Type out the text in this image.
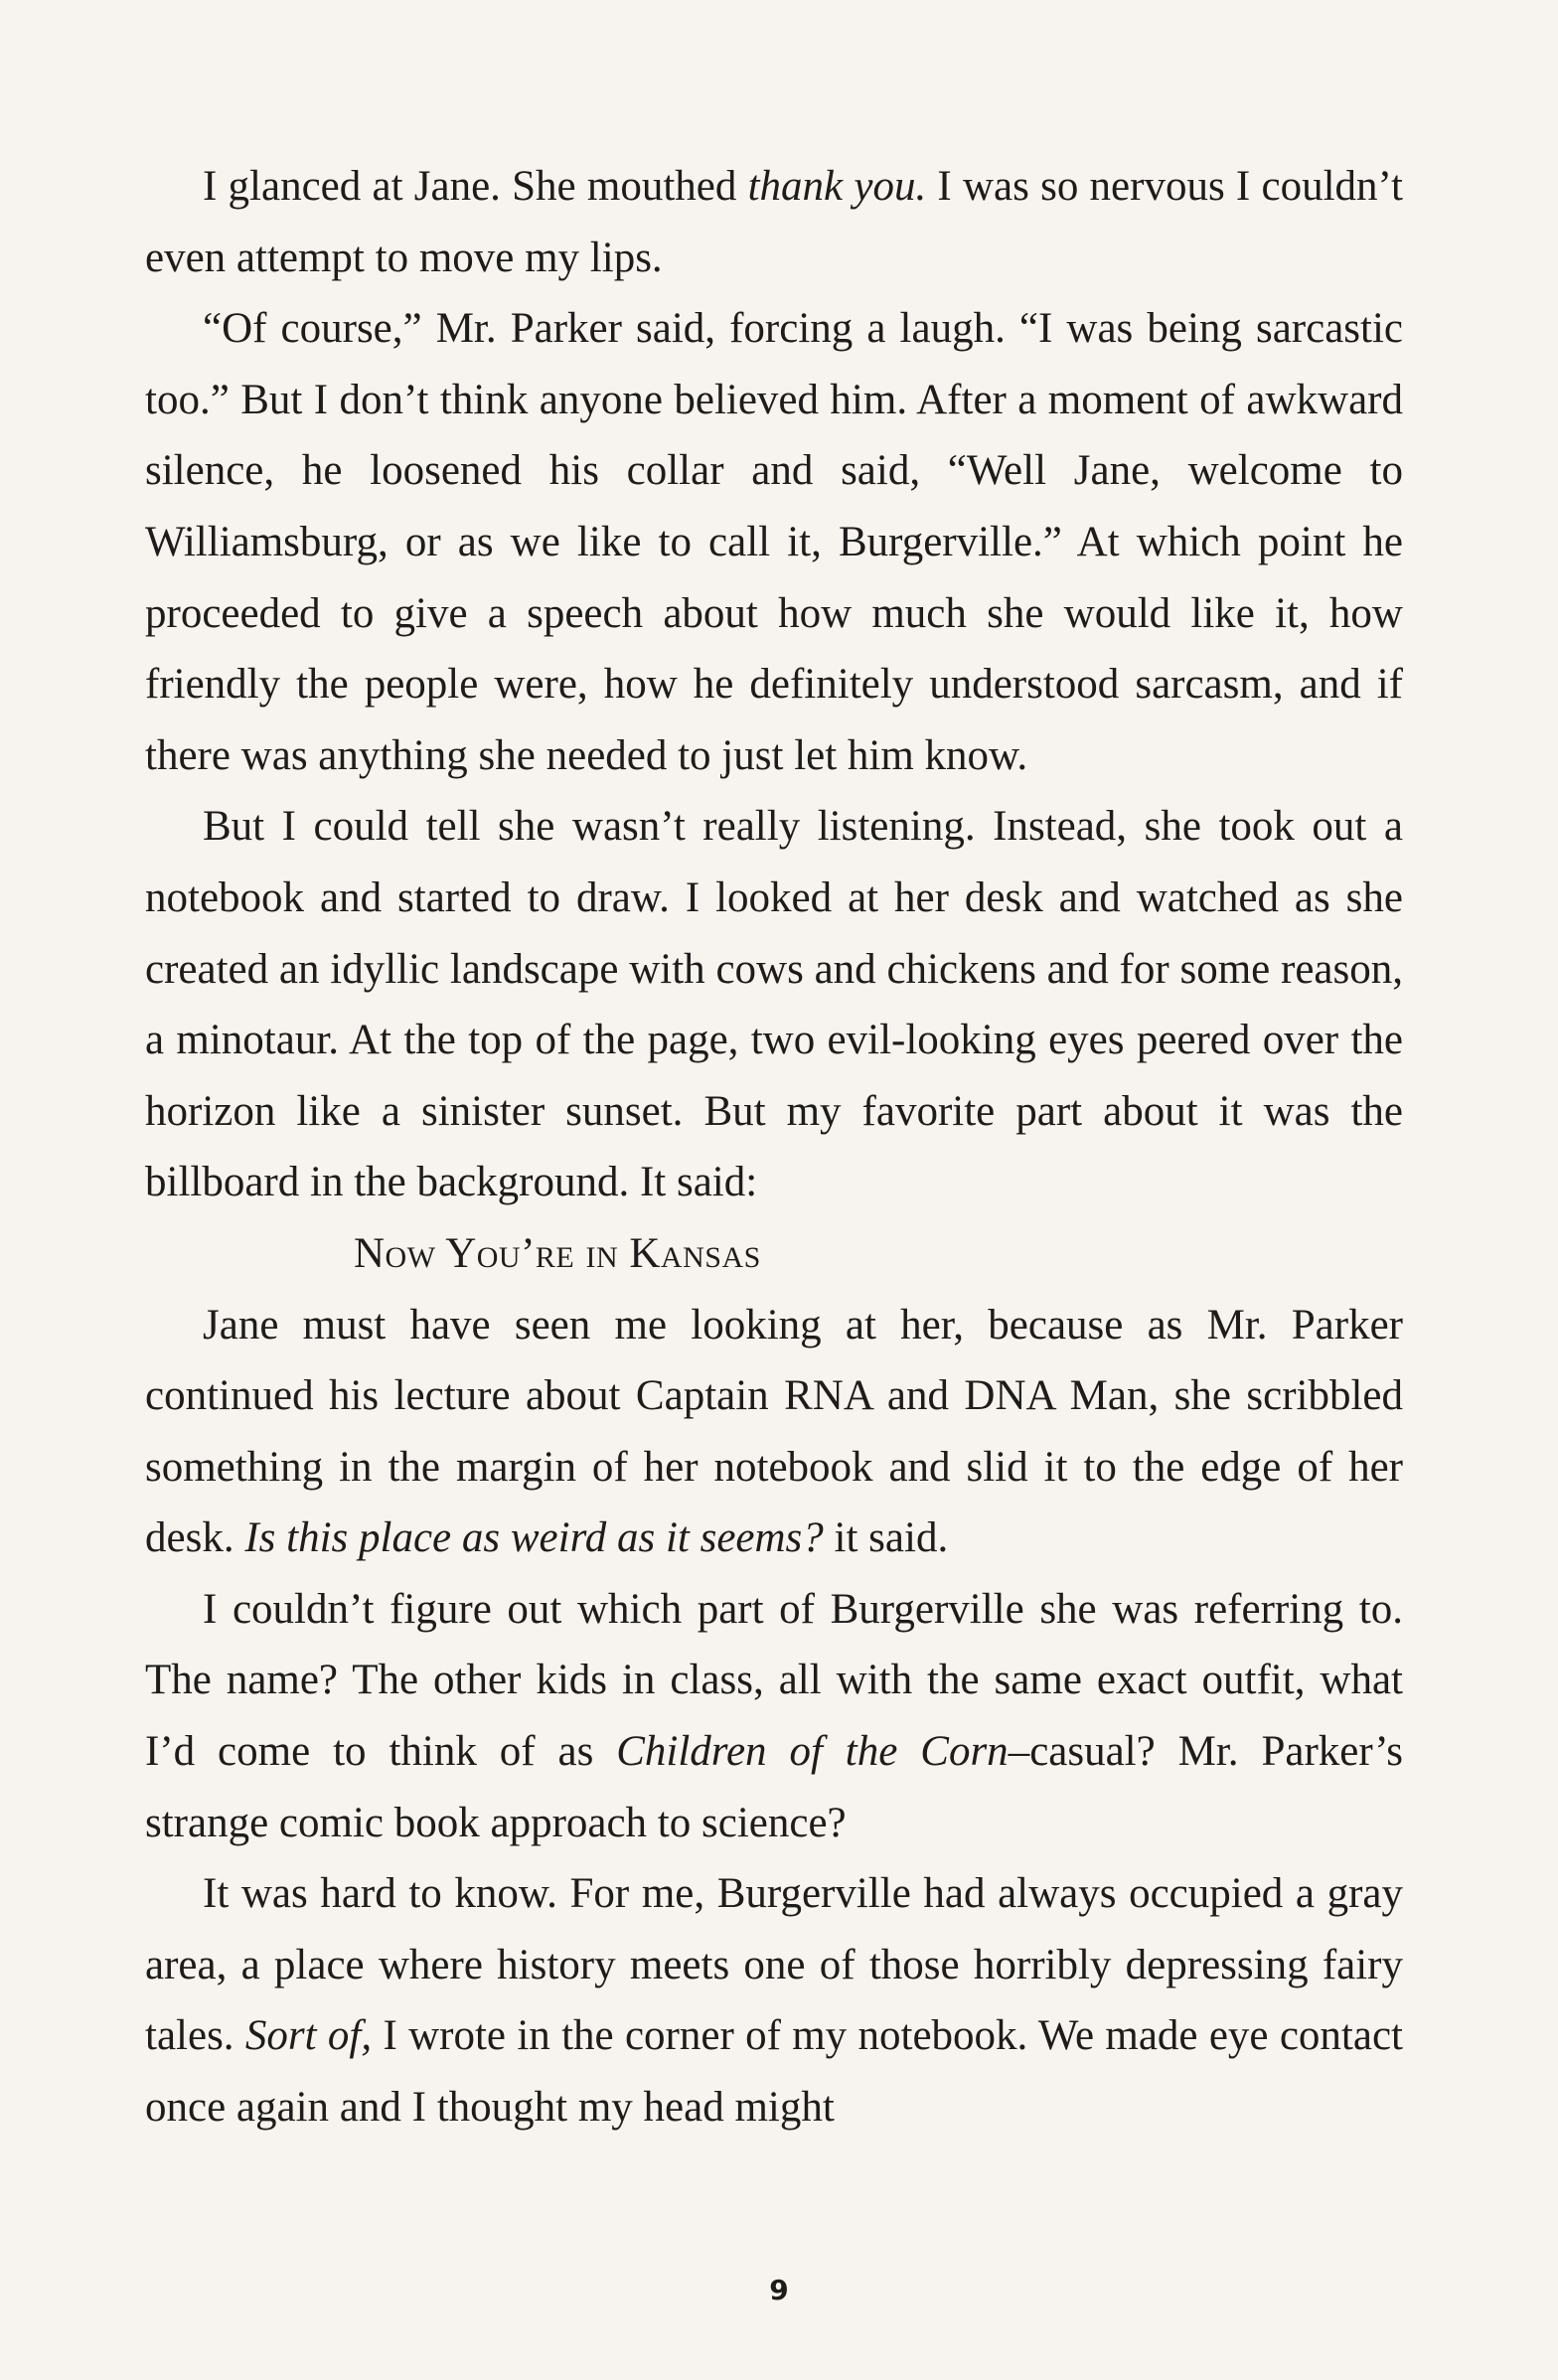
I glanced at Jane. She mouthed thank you. I was so nervous I couldn’t even attempt to move my lips.

“Of course,” Mr. Parker said, forcing a laugh. “I was being sarcastic too.” But I don’t think anyone believed him. After a moment of awkward silence, he loosened his collar and said, “Well Jane, welcome to Williamsburg, or as we like to call it, Burgerville.” At which point he proceeded to give a speech about how much she would like it, how friendly the people were, how he definitely understood sarcasm, and if there was anything she needed to just let him know.

But I could tell she wasn’t really listening. Instead, she took out a notebook and started to draw. I looked at her desk and watched as she created an idyllic landscape with cows and chickens and for some reason, a minotaur. At the top of the page, two evil-looking eyes peered over the horizon like a sinister sunset. But my favorite part about it was the billboard in the background. It said:

Now You’re in Kansas

Jane must have seen me looking at her, because as Mr. Parker continued his lecture about Captain RNA and DNA Man, she scribbled something in the margin of her notebook and slid it to the edge of her desk. Is this place as weird as it seems? it said.

I couldn’t figure out which part of Burgerville she was referring to. The name? The other kids in class, all with the same exact outfit, what I’d come to think of as Children of the Corn–casual? Mr. Parker’s strange comic book approach to science?

It was hard to know. For me, Burgerville had always occupied a gray area, a place where history meets one of those horribly depressing fairy tales. Sort of, I wrote in the corner of my notebook. We made eye contact once again and I thought my head might

9
